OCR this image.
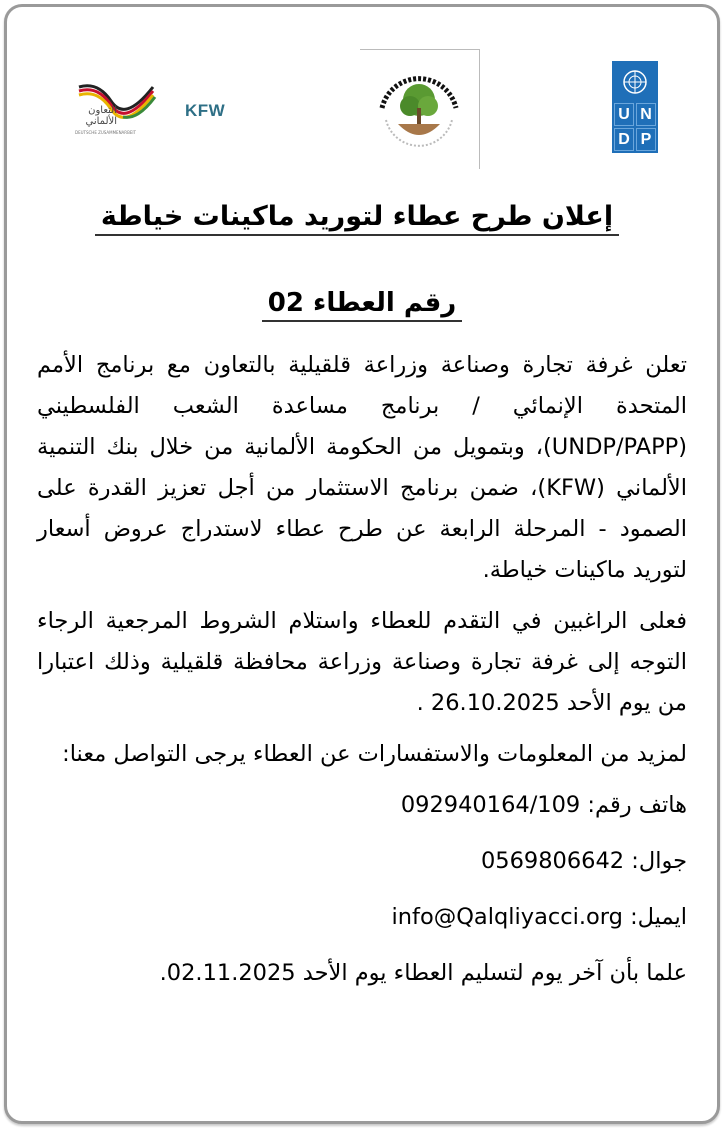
التعاون الألماني
DEUTSCHE ZUSAMMENARBEIT
KFW	U N
D P
إعلان طرح عطاء لتوريد ماكينات خياطة
رقم العطاء 02

تعلن غرفة تجارة وصناعة وزراعة قلقيلية بالتعاون مع برنامج الأمم المتحدة الإنمائي / برنامج مساعدة الشعب الفلسطيني (UNDP/PAPP)، وبتمويل من الحكومة الألمانية من خلال بنك التنمية الألماني (KFW)، ضمن برنامج الاستثمار من أجل تعزيز القدرة على الصمود - المرحلة الرابعة عن طرح عطاء لاستدراج عروض أسعار لتوريد ماكينات خياطة.

فعلى الراغبين في التقدم للعطاء واستلام الشروط المرجعية الرجاء التوجه إلى غرفة تجارة وصناعة وزراعة محافظة قلقيلية وذلك اعتبارا من يوم الأحد 26.10.2025 .

لمزيد من المعلومات والاستفسارات عن العطاء يرجى التواصل معنا:

هاتف رقم: 092940164/109
جوال: 0569806642
ايميل: info@Qalqliyacci.org
علما بأن آخر يوم لتسليم العطاء يوم الأحد 02.11.2025.
